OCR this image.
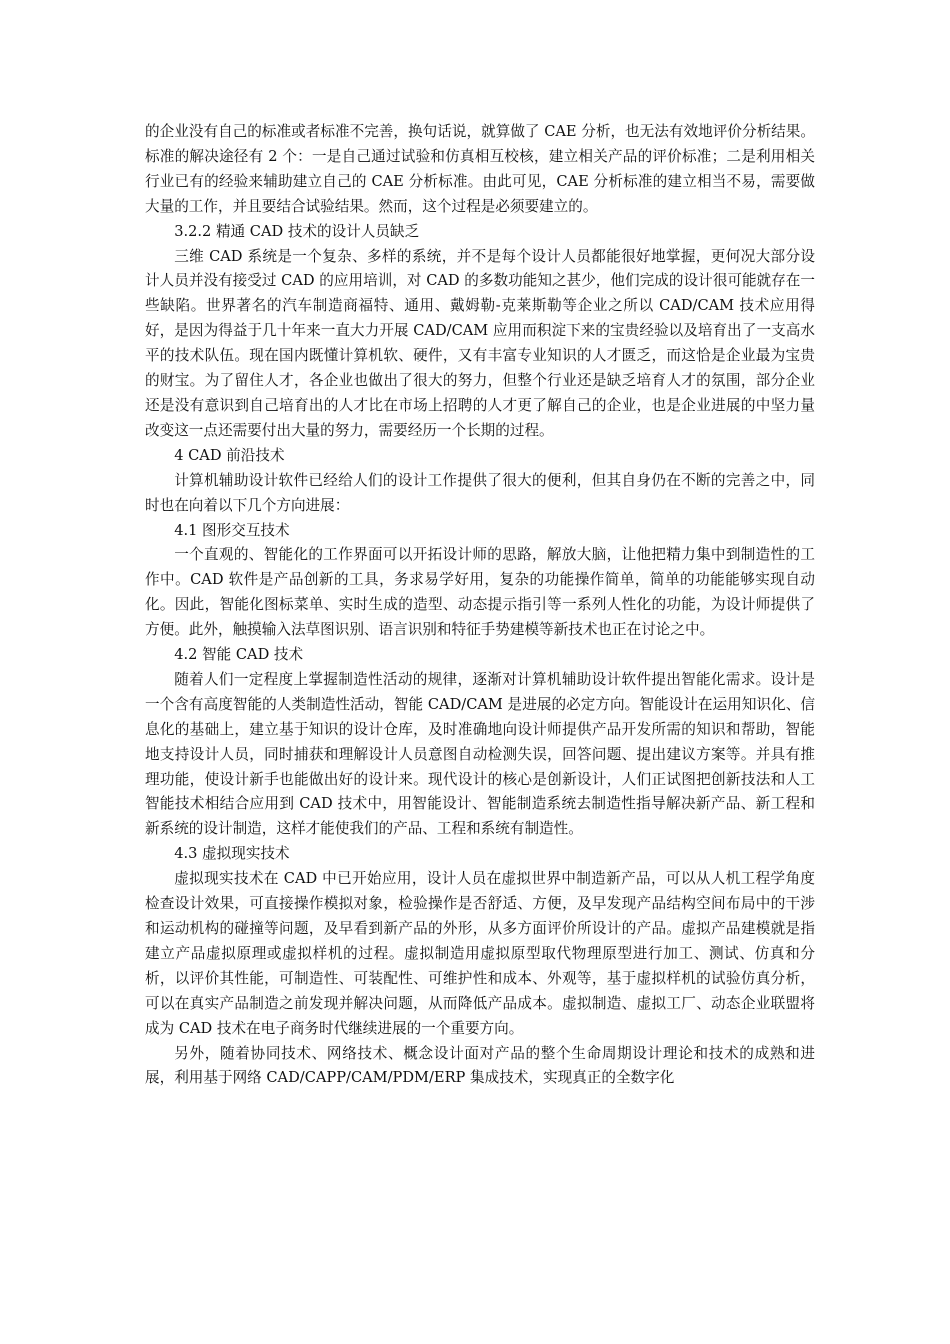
的企业没有自己的标准或者标准不完善，换句话说，就算做了 CAE 分析，也无法有效地评价分析结果。标准的解决途径有 2 个：一是自己通过试验和仿真相互校核，建立相关产品的评价标准；二是利用相关行业已有的经验来辅助建立自己的 CAE 分析标准。由此可见，CAE 分析标准的建立相当不易，需要做大量的工作，并且要结合试验结果。然而，这个过程是必须要建立的。

3.2.2 精通 CAD 技术的设计人员缺乏

三维 CAD 系统是一个复杂、多样的系统，并不是每个设计人员都能很好地掌握，更何况大部分设计人员并没有接受过 CAD 的应用培训，对 CAD 的多数功能知之甚少，他们完成的设计很可能就存在一些缺陷。世界著名的汽车制造商福特、通用、戴姆勒-克莱斯勒等企业之所以 CAD/CAM 技术应用得好，是因为得益于几十年来一直大力开展 CAD/CAM 应用而积淀下来的宝贵经验以及培育出了一支高水平的技术队伍。现在国内既懂计算机软、硬件，又有丰富专业知识的人才匮乏，而这恰是企业最为宝贵的财宝。为了留住人才，各企业也做出了很大的努力，但整个行业还是缺乏培育人才的氛围，部分企业还是没有意识到自己培育出的人才比在市场上招聘的人才更了解自己的企业，也是企业进展的中坚力量改变这一点还需要付出大量的努力，需要经历一个长期的过程。

4 CAD 前沿技术

计算机辅助设计软件已经给人们的设计工作提供了很大的便利，但其自身仍在不断的完善之中，同时也在向着以下几个方向进展：

4.1 图形交互技术

一个直观的、智能化的工作界面可以开拓设计师的思路，解放大脑，让他把精力集中到制造性的工作中。CAD 软件是产品创新的工具，务求易学好用，复杂的功能操作简单，简单的功能能够实现自动化。因此，智能化图标菜单、实时生成的造型、动态提示指引等一系列人性化的功能，为设计师提供了方便。此外，触摸输入法草图识别、语言识别和特征手势建模等新技术也正在讨论之中。

4.2 智能 CAD 技术

随着人们一定程度上掌握制造性活动的规律，逐渐对计算机辅助设计软件提出智能化需求。设计是一个含有高度智能的人类制造性活动，智能 CAD/CAM 是进展的必定方向。智能设计在运用知识化、信息化的基础上，建立基于知识的设计仓库，及时准确地向设计师提供产品开发所需的知识和帮助，智能地支持设计人员，同时捕获和理解设计人员意图自动检测失误，回答问题、提出建议方案等。并具有推理功能，使设计新手也能做出好的设计来。现代设计的核心是创新设计，人们正试图把创新技法和人工智能技术相结合应用到 CAD 技术中，用智能设计、智能制造系统去制造性指导解决新产品、新工程和新系统的设计制造，这样才能使我们的产品、工程和系统有制造性。

4.3 虚拟现实技术

虚拟现实技术在 CAD 中已开始应用，设计人员在虚拟世界中制造新产品，可以从人机工程学角度检查设计效果，可直接操作模拟对象，检验操作是否舒适、方便，及早发现产品结构空间布局中的干涉和运动机构的碰撞等问题，及早看到新产品的外形，从多方面评价所设计的产品。虚拟产品建模就是指建立产品虚拟原理或虚拟样机的过程。虚拟制造用虚拟原型取代物理原型进行加工、测试、仿真和分析，以评价其性能，可制造性、可装配性、可维护性和成本、外观等，基于虚拟样机的试验仿真分析，可以在真实产品制造之前发现并解决问题，从而降低产品成本。虚拟制造、虚拟工厂、动态企业联盟将成为 CAD 技术在电子商务时代继续进展的一个重要方向。

另外，随着协同技术、网络技术、概念设计面对产品的整个生命周期设计理论和技术的成熟和进展，利用基于网络 CAD/CAPP/CAM/PDM/ERP 集成技术，实现真正的全数字化
